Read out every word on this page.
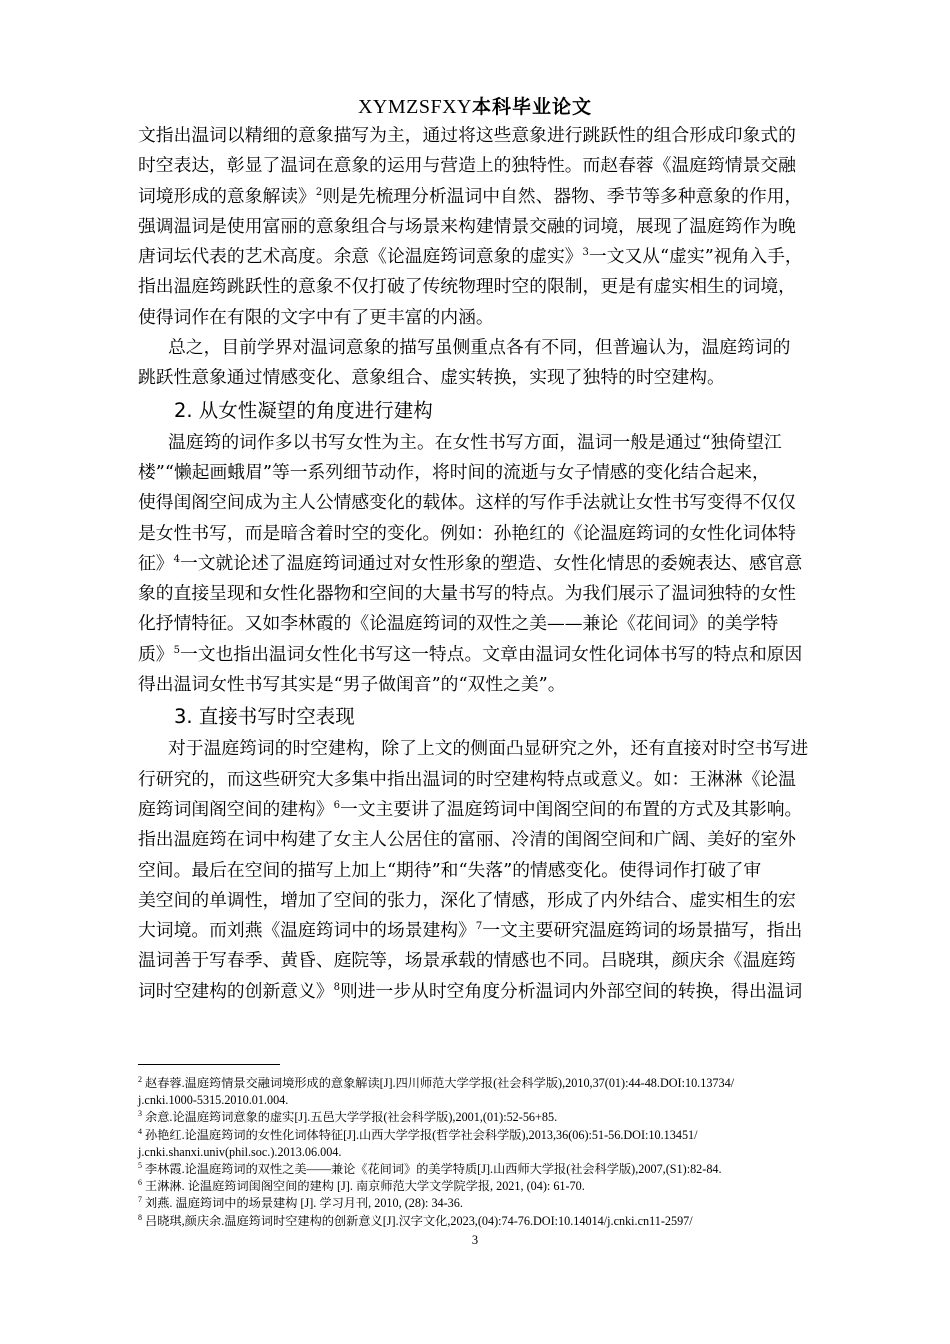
XYMZSFXY本科毕业论文

文指出温词以精细的意象描写为主，通过将这些意象进行跳跃性的组合形成印象式的
时空表达，彰显了温词在意象的运用与营造上的独特性。而赵春蓉《温庭筠情景交融
词境形成的意象解读》$^2$则是先梳理分析温词中自然、器物、季节等多种意象的作用，
强调温词是使用富丽的意象组合与场景来构建情景交融的词境，展现了温庭筠作为晚
唐词坛代表的艺术高度。余意《论温庭筠词意象的虚实》$^3$一文又从“虚实”视角入手，
指出温庭筠跳跃性的意象不仅打破了传统物理时空的限制，更是有虚实相生的词境，
使得词作在有限的文字中有了更丰富的内涵。

总之，目前学界对温词意象的描写虽侧重点各有不同，但普遍认为，温庭筠词的
跳跃性意象通过情感变化、意象组合、虚实转换，实现了独特的时空建构。

2. 从女性凝望的角度进行建构

温庭筠的词作多以书写女性为主。在女性书写方面，温词一般是通过“独倚望江
楼”“懒起画蛾眉”等一系列细节动作，将时间的流逝与女子情感的变化结合起来，
使得闺阁空间成为主人公情感变化的载体。这样的写作手法就让女性书写变得不仅仅
是女性书写，而是暗含着时空的变化。例如：孙艳红的《论温庭筠词的女性化词体特
征》$^4$一文就论述了温庭筠词通过对女性形象的塑造、女性化情思的委婉表达、感官意
象的直接呈现和女性化器物和空间的大量书写的特点。为我们展示了温词独特的女性
化抒情特征。又如李林霞的《论温庭筠词的双性之美——兼论《花间词》的美学特
质》$^5$一文也指出温词女性化书写这一特点。文章由温词女性化词体书写的特点和原因
得出温词女性书写其实是“男子做闺音”的“双性之美”。

3. 直接书写时空表现

对于温庭筠词的时空建构，除了上文的侧面凸显研究之外，还有直接对时空书写进
行研究的，而这些研究大多集中指出温词的时空建构特点或意义。如：王淋淋《论温
庭筠词闺阁空间的建构》$^6$一文主要讲了温庭筠词中闺阁空间的布置的方式及其影响。
指出温庭筠在词中构建了女主人公居住的富丽、冷清的闺阁空间和广阔、美好的室外
空间。最后在空间的描写上加上“期待”和“失落”的情感变化。使得词作打破了审
美空间的单调性，增加了空间的张力，深化了情感，形成了内外结合、虚实相生的宏
大词境。而刘燕《温庭筠词中的场景建构》$^7$一文主要研究温庭筠词的场景描写，指出
温词善于写春季、黄昏、庭院等，场景承载的情感也不同。吕晓琪，颜庆余《温庭筠
词时空建构的创新意义》$^8$则进一步从时空角度分析温词内外部空间的转换，得出温词

$^2$ 赵春蓉.温庭筠情景交融词境形成的意象解读[J].四川师范大学学报(社会科学版),2010,37(01):44-48.DOI:10.13734/
j.cnki.1000-5315.2010.01.004.
$^3$ 余意.论温庭筠词意象的虚实[J].五邑大学学报(社会科学版),2001,(01):52-56+85.
$^4$ 孙艳红.论温庭筠词的女性化词体特征[J].山西大学学报(哲学社会科学版),2013,36(06):51-56.DOI:10.13451/
j.cnki.shanxi.univ(phil.soc.).2013.06.004.
$^5$ 李林霞.论温庭筠词的双性之美——兼论《花间词》的美学特质[J].山西师大学报(社会科学版),2007,(S1):82-84.
$^6$ 王淋淋. 论温庭筠词闺阁空间的建构 [J]. 南京师范大学文学院学报, 2021, (04): 61-70.
$^7$ 刘燕. 温庭筠词中的场景建构 [J]. 学习月刊, 2010, (28): 34-36.
$^8$ 吕晓琪,颜庆余.温庭筠词时空建构的创新意义[J].汉字文化,2023,(04):74-76.DOI:10.14014/j.cnki.cn11-2597/
3
